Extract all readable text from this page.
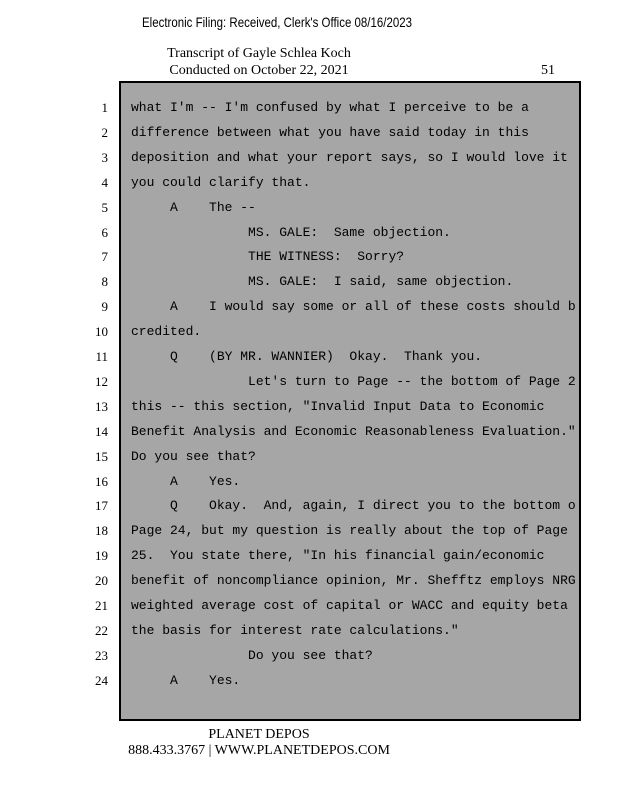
Electronic Filing: Received, Clerk's Office 08/16/2023
Transcript of Gayle Schlea Koch
Conducted on October 22, 2021	51
1 what I'm -- I'm confused by what I perceive to be a
2 difference between what you have said today in this
3 deposition and what your report says, so I would love it
4 you could clarify that.
5 A    The --
6 MS. GALE:  Same objection.
7 THE WITNESS:  Sorry?
8 MS. GALE:  I said, same objection.
9 A    I would say some or all of these costs should b
10 credited.
11 Q    (BY MR. WANNIER)  Okay.  Thank you.
12 Let's turn to Page -- the bottom of Page 2
13 this -- this section, "Invalid Input Data to Economic
14 Benefit Analysis and Economic Reasonableness Evaluation."
15 Do you see that?
16 A    Yes.
17 Q    Okay.  And, again, I direct you to the bottom o
18 Page 24, but my question is really about the top of Page
19 25.  You state there, "In his financial gain/economic
20 benefit of noncompliance opinion, Mr. Shefftz employs NRG
21 weighted average cost of capital or WACC and equity beta
22 the basis for interest rate calculations."
23 Do you see that?
24 A    Yes.
PLANET DEPOS
888.433.3767 | WWW.PLANETDEPOS.COM
